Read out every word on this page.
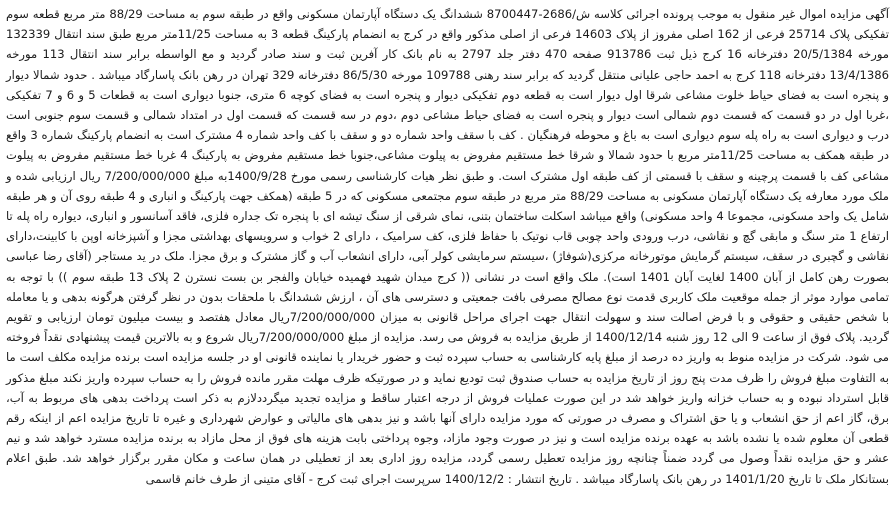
آگهی مزایده اموال غیر منقول به موجب پرونده اجرائی کلاسه ش/2686-8700447 ششدانگ یک دستگاه آپارتمان مسکونی واقع در طبقه سوم به مساحت 88/29 متر مربع قطعه سوم تفکیکی پلاک 25714 فرعی از 162 اصلی مفروز از پلاک 14603 فرعی از اصلی مذکور واقع در کرج به انضمام پارکینگ قطعه 3 به مساحت 11/25متر مربع طبق سند انتقال 132339 مورخه 20/5/1384 دفترخانه 16 کرج ذیل ثبت 913786 صفحه 470 دفتر جلد 2797 به نام بانک کار آفرین ثبت و سند صادر گردید و مع الواسطه برابر سند انتقال 113 مورخه 13/4/1386 دفترخانه 118 کرج به احمد حاجی علیانی منتقل گردید که برابر سند رهنی 109788 مورخه 86/5/30 دفترخانه 329 تهران در رهن بانک پاسارگاد میباشد . حدود شمالا دیوار و پنجره است به فضای حیاط خلوت مشاعی شرقا اول دیوار است به قطعه دوم تفکیکی دیوار و پنجره است به فضای کوچه 6 متری، جنوبا دیواری است به قطعات 5 و 6 و 7 تفکیکی ،غربا اول در دو قسمت که قسمت دوم شمالی است دیوار و پنجره است به فضای حیاط مشاعی دوم ،دوم در سه قسمت که قسمت اول در امتداد شمالی و قسمت سوم جنوبی است درب و دیواری است به راه پله سوم دیواری است به باغ و محوطه فرهنگیان . کف با سقف واحد شماره دو و سقف با کف واحد شماره 4 مشترک است به انضمام پارکینگ شماره 3 واقع در طبقه همکف به مساحت 11/25متر مربع با حدود شمالا و شرقا خط مستقیم مفروض به پیلوت مشاعی،جنوبا خط مستقیم مفروض به پارکینگ 4 غربا خط مستقیم مفروض به پیلوت مشاعی کف با قسمت پرچینه و سقف با قسمتی از کف طبقه اول مشترک است. و طبق نظر هیات کارشناسی رسمی مورخ 1400/9/28به مبلغ 7/200/000/000 ریال ارزیابی شده و ملک مورد معارفه یک دستگاه آپارتمان مسکونی به مساحت 88/29 متر مربع در طبقه سوم مجتمعی مسکونی که در 5 طبقه (همکف جهت پارکینگ و انباری و 4 طبقه روی آن و هر طبقه شامل یک واحد مسکونی، مجموعا 4 واحد مسکونی) واقع میباشد اسکلت ساختمان بتنی، نمای شرقی از سنگ تیشه ای با پنجره تک جداره فلزی، فاقد آسانسور و انباری، دیواره راه پله تا ارتفاع 1 متر سنگ و مابقی گچ و نقاشی، درب ورودی واحد چوبی قاب نوتیک با حفاظ فلزی، کف سرامیک ، دارای 2 خواب و سرویسهای بهداشتی مجزا و آشپزخانه اوپن با کابینت،دارای نقاشی و گچبری در سقف، سیستم گرمایش موتورخانه مرکزی(شوفاژ) ،سیستم سرمایشی کولر آبی، دارای انشعاب آب و گاز مشترک و برق مجزا. ملک در ید مستاجر (آقای رضا عباسی بصورت رهن کامل از آبان 1400 لغایت آبان 1401 است). ملک واقع است در نشانی (( کرج میدان شهید فهمیده خیابان والفجر بن بست نسترن 2 پلاک 13 طبقه سوم )) با توجه به تمامی موارد موثر از جمله موقعیت ملک کاربری قدمت نوع مصالح مصرفی بافت جمعیتی و دسترسی های آن ، ارزش ششدانگ با ملحقات بدون در نظر گرفتن هرگونه بدهی و یا معامله با شخص حقیقی و حقوقی و با فرض اصالت سند و سهولت انتقال جهت اجرای مراحل قانونی به میزان 7/200/000/000ریال معادل هفتصد و بیست میلیون تومان ارزیابی و تقویم گردید. پلاک فوق از ساعت 9 الی 12 روز شنبه 1400/12/14 از طریق مزایده به فروش می رسد. مزایده از مبلغ 7/200/000/000ریال شروع و به بالاترین قیمت پیشنهادی نقداً فروخته می شود. شرکت در مزایده منوط به واریز ده درصد از مبلغ پایه کارشناسی به حساب سپرده ثبت و حضور خریدار یا نماینده قانونی او در جلسه مزایده است برنده مزایده مکلف است ما به التفاوت مبلغ فروش را ظرف مدت پنج روز از تاریخ مزایده به حساب صندوق ثبت تودیع نماید و در صورتیکه ظرف مهلت مقرر مانده فروش را به حساب سپرده واریز نکند مبلغ مذکور قابل استرداد نبوده و به حساب خزانه واریز خواهد شد در این صورت عملیات فروش از درجه اعتبار ساقط و مزایده تجدید میگرددلازم به ذکر است پرداخت بدهی های مربوط به آب، برق، گاز اعم از حق انشعاب و یا حق اشتراک و مصرف در صورتی که مورد مزایده دارای آنها باشد و نیز بدهی های مالیاتی و عوارض شهرداری و غیره تا تاریخ مزایده اعم از اینکه رقم قطعی آن معلوم شده یا نشده باشد به عهده برنده مزایده است و نیز در صورت وجود مازاد، وجوه پرداختی بابت هزینه های فوق از محل مازاد به برنده مزایده مسترد خواهد شد و نیم عشر و حق مزایده نقداً وصول می گردد ضمناً چنانچه روز مزایده تعطیل رسمی گردد، مزایده روز اداری بعد از تعطیلی در همان ساعت و مکان مقرر برگزار خواهد شد. طبق اعلام بستانکار ملک تا تاریخ 1401/1/20 در رهن بانک پاسارگاد میباشد . تاریخ انتشار : 1400/12/2 سرپرست اجرای ثبت کرج - آقای متینی از طرف خانم قاسمی
